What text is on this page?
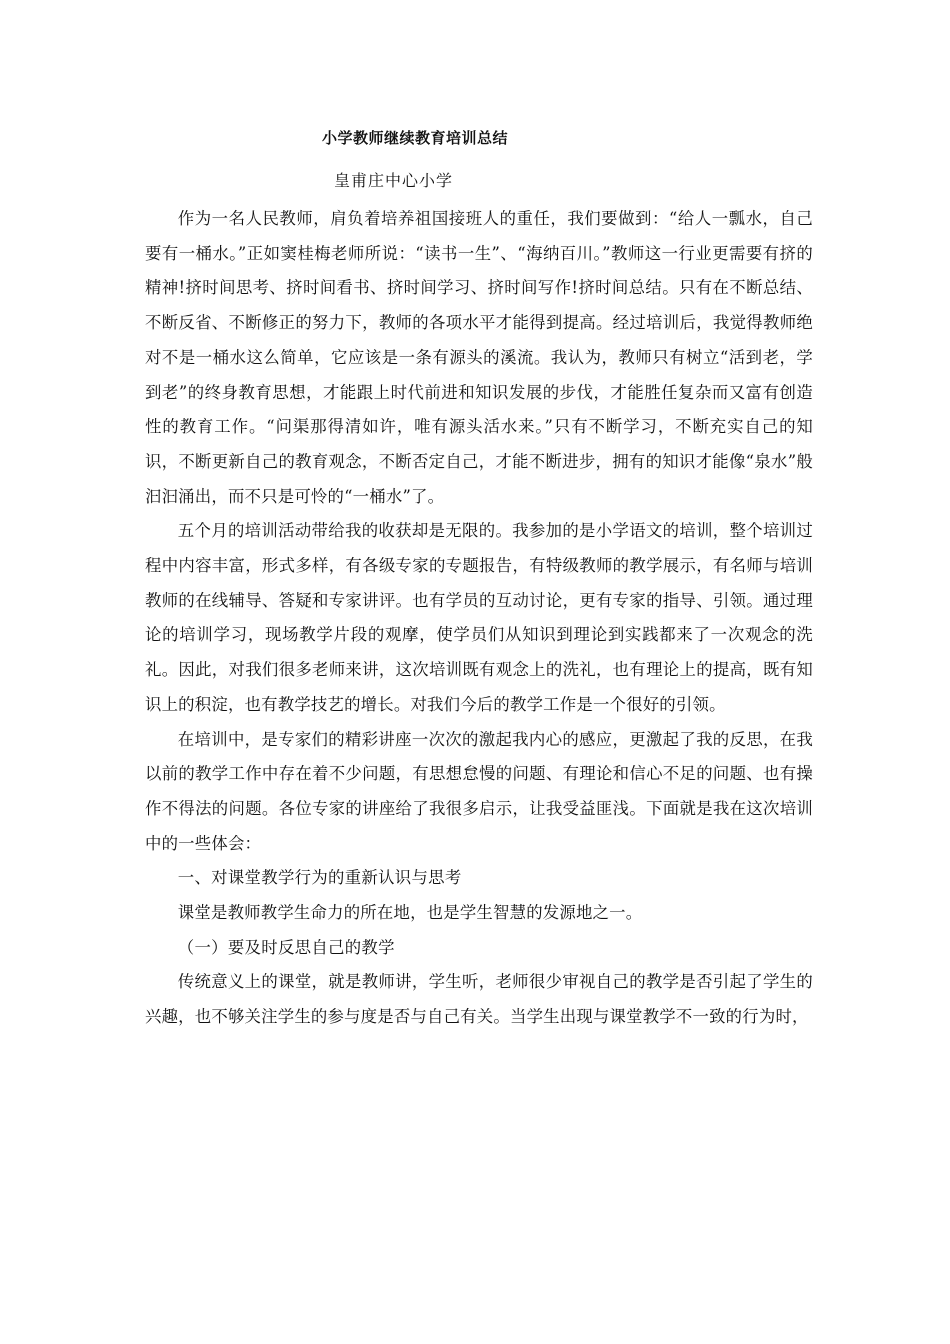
小学教师继续教育培训总结
皇甫庄中心小学

作为一名人民教师，肩负着培养祖国接班人的重任，我们要做到：“给人一瓢水，自己要有一桶水。”正如窦桂梅老师所说：“读书一生”、“海纳百川。”教师这一行业更需要有挤的精神!挤时间思考、挤时间看书、挤时间学习、挤时间写作!挤时间总结。只有在不断总结、不断反省、不断修正的努力下，教师的各项水平才能得到提高。经过培训后，我觉得教师绝对不是一桶水这么简单，它应该是一条有源头的溪流。我认为，教师只有树立“活到老，学到老”的终身教育思想，才能跟上时代前进和知识发展的步伐，才能胜任复杂而又富有创造性的教育工作。“问渠那得清如许，唯有源头活水来。”只有不断学习，不断充实自己的知识，不断更新自己的教育观念，不断否定自己，才能不断进步，拥有的知识才能像“泉水”般汩汩涌出，而不只是可怜的“一桶水”了。

五个月的培训活动带给我的收获却是无限的。我参加的是小学语文的培训，整个培训过程中内容丰富，形式多样，有各级专家的专题报告，有特级教师的教学展示，有名师与培训教师的在线辅导、答疑和专家讲评。也有学员的互动讨论，更有专家的指导、引领。通过理论的培训学习，现场教学片段的观摩，使学员们从知识到理论到实践都来了一次观念的洗礼。因此，对我们很多老师来讲，这次培训既有观念上的洗礼，也有理论上的提高，既有知识上的积淀，也有教学技艺的增长。对我们今后的教学工作是一个很好的引领。

在培训中，是专家们的精彩讲座一次次的激起我内心的感应，更激起了我的反思，在我以前的教学工作中存在着不少问题，有思想怠慢的问题、有理论和信心不足的问题、也有操作不得法的问题。各位专家的讲座给了我很多启示，让我受益匪浅。下面就是我在这次培训中的一些体会：

一、对课堂教学行为的重新认识与思考

课堂是教师教学生命力的所在地，也是学生智慧的发源地之一。

（一）要及时反思自己的教学

传统意义上的课堂，就是教师讲，学生听，老师很少审视自己的教学是否引起了学生的兴趣，也不够关注学生的参与度是否与自己有关。当学生出现与课堂教学不一致的行为时，
